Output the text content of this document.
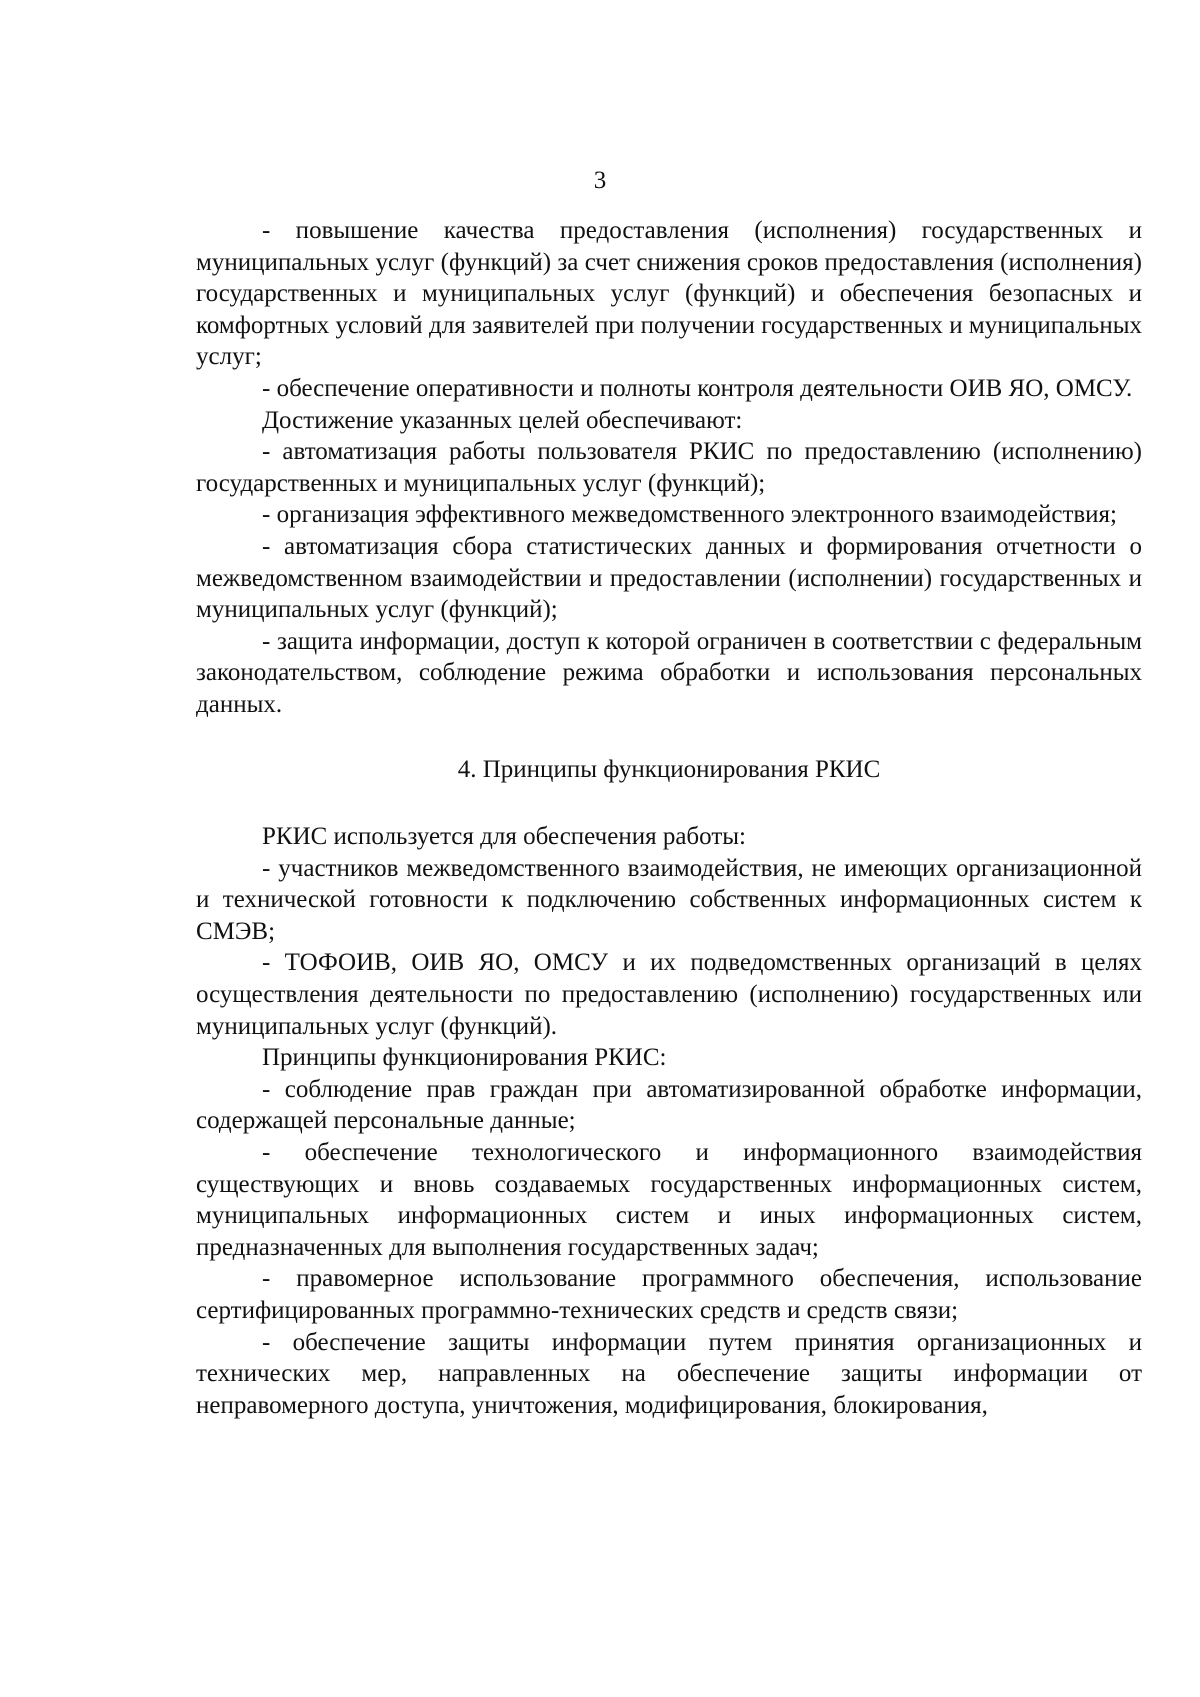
3

- повышение качества предоставления (исполнения) государственных и муниципальных услуг (функций) за счет снижения сроков предоставления (исполнения) государственных и муниципальных услуг (функций) и обеспечения безопасных и комфортных условий для заявителей при получении государственных и муниципальных услуг;

- обеспечение оперативности и полноты контроля деятельности ОИВ ЯО, ОМСУ.

Достижение указанных целей обеспечивают:

- автоматизация работы пользователя РКИС по предоставлению (исполнению) государственных и муниципальных услуг (функций);

- организация эффективного межведомственного электронного взаимодействия;

- автоматизация сбора статистических данных и формирования отчетности о межведомственном взаимодействии и предоставлении (исполнении) государственных и муниципальных услуг (функций);

- защита информации, доступ к которой ограничен в соответствии с федеральным законодательством, соблюдение режима обработки и использования персональных данных.

4. Принципы функционирования РКИС

РКИС используется для обеспечения работы:

- участников межведомственного взаимодействия, не имеющих организационной и технической готовности к подключению собственных информационных систем к СМЭВ;

- ТОФОИВ, ОИВ ЯО, ОМСУ и их подведомственных организаций в целях осуществления деятельности по предоставлению (исполнению) государственных или муниципальных услуг (функций).

Принципы функционирования РКИС:

- соблюдение прав граждан при автоматизированной обработке информации, содержащей персональные данные;

- обеспечение технологического и информационного взаимодействия существующих и вновь создаваемых государственных информационных систем, муниципальных информационных систем и иных информационных систем, предназначенных для выполнения государственных задач;

- правомерное использование программного обеспечения, использование сертифицированных программно-технических средств и средств связи;

- обеспечение защиты информации путем принятия организационных и технических мер, направленных на обеспечение защиты информации от неправомерного доступа, уничтожения, модифицирования, блокирования,
